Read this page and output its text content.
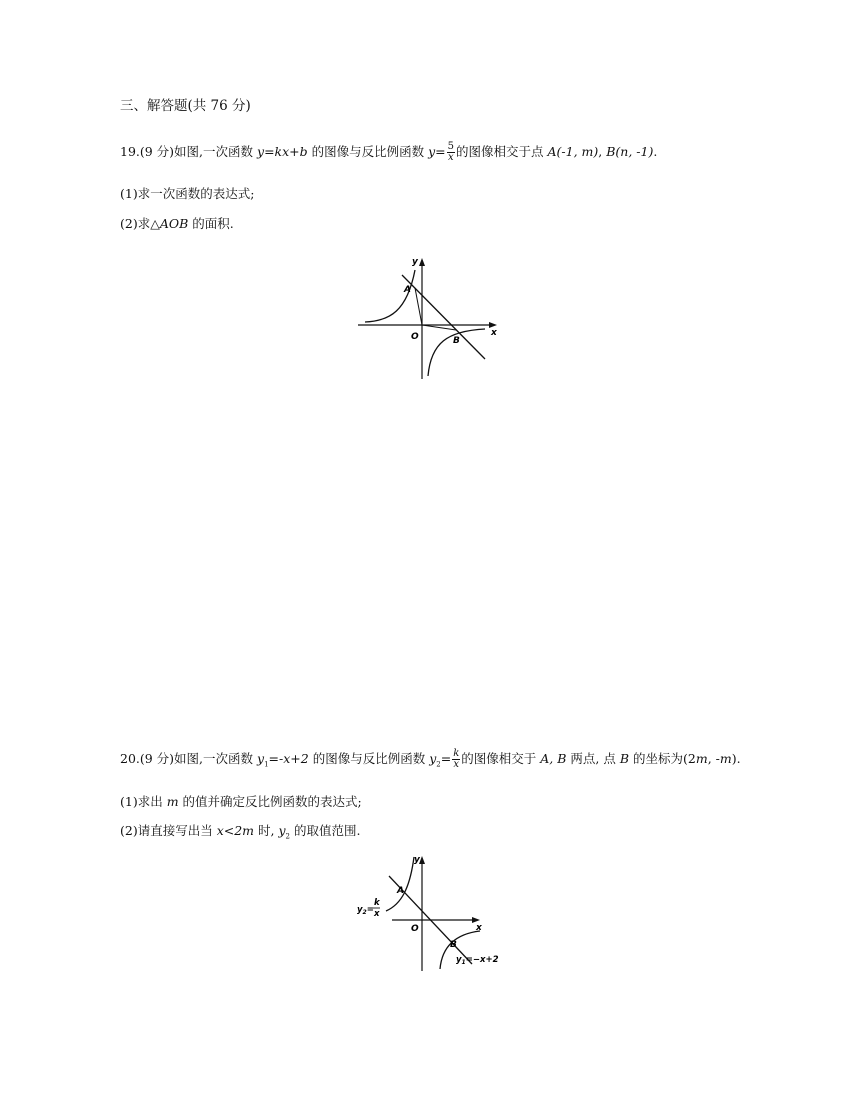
三、解答题(共 76 分)
19.(9 分)如图,一次函数 y=kx+b 的图像与反比例函数 $y= \frac{5}{x}$ 的图像相交于点 A(-1, m), B(n, -1).
(1)求一次函数的表达式;
(2)求△AOB 的面积.
y
x
A
O	B
20.(9 分)如图,一次函数 $y_1=-x+2$ 的图像与反比例函数 $y_2= \frac{k}{x}$ 的图像相交于 A, B 两点, 点 B 的坐标为(2m, -m).
(1)求出 m 的值并确定反比例函数的表达式;
(2)请直接写出当 x<2m 时, $y_2$ 的取值范围.
y
x
A
O
B
$y_2=$
k
x
$y_1=-x+2$
